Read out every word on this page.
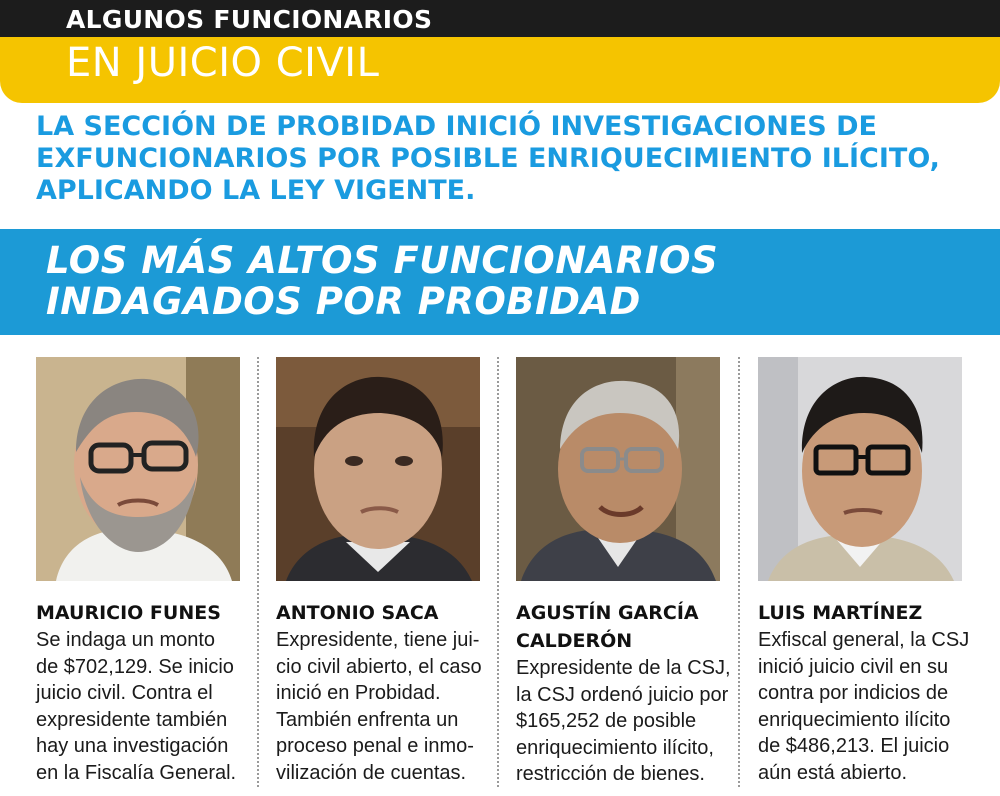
ALGUNOS FUNCIONARIOS
EN JUICIO CIVIL
LA SECCIÓN DE PROBIDAD INICIÓ INVESTIGACIONES DE
EXFUNCIONARIOS POR POSIBLE ENRIQUECIMIENTO ILÍCITO,
APLICANDO LA LEY VIGENTE.
LOS MÁS ALTOS FUNCIONARIOS
INDAGADOS POR PROBIDAD
MAURICIO FUNES
Se indaga un monto
de $702,129. Se inicio
juicio civil. Contra el
expresidente también
hay una investigación
en la Fiscalía General.
ANTONIO SACA
Expresidente, tiene jui-
cio civil abierto, el caso
inició en Probidad.
También enfrenta un
proceso penal e inmo-
vilización de cuentas.
AGUSTÍN GARCÍA
CALDERÓN
Expresidente de la CSJ,
la CSJ ordenó juicio por
$165,252 de posible
enriquecimiento ilícito,
restricción de bienes.
LUIS MARTÍNEZ
Exfiscal general, la CSJ
inició juicio civil en su
contra por indicios de
enriquecimiento ilícito
de $486,213. El juicio
aún está abierto.
